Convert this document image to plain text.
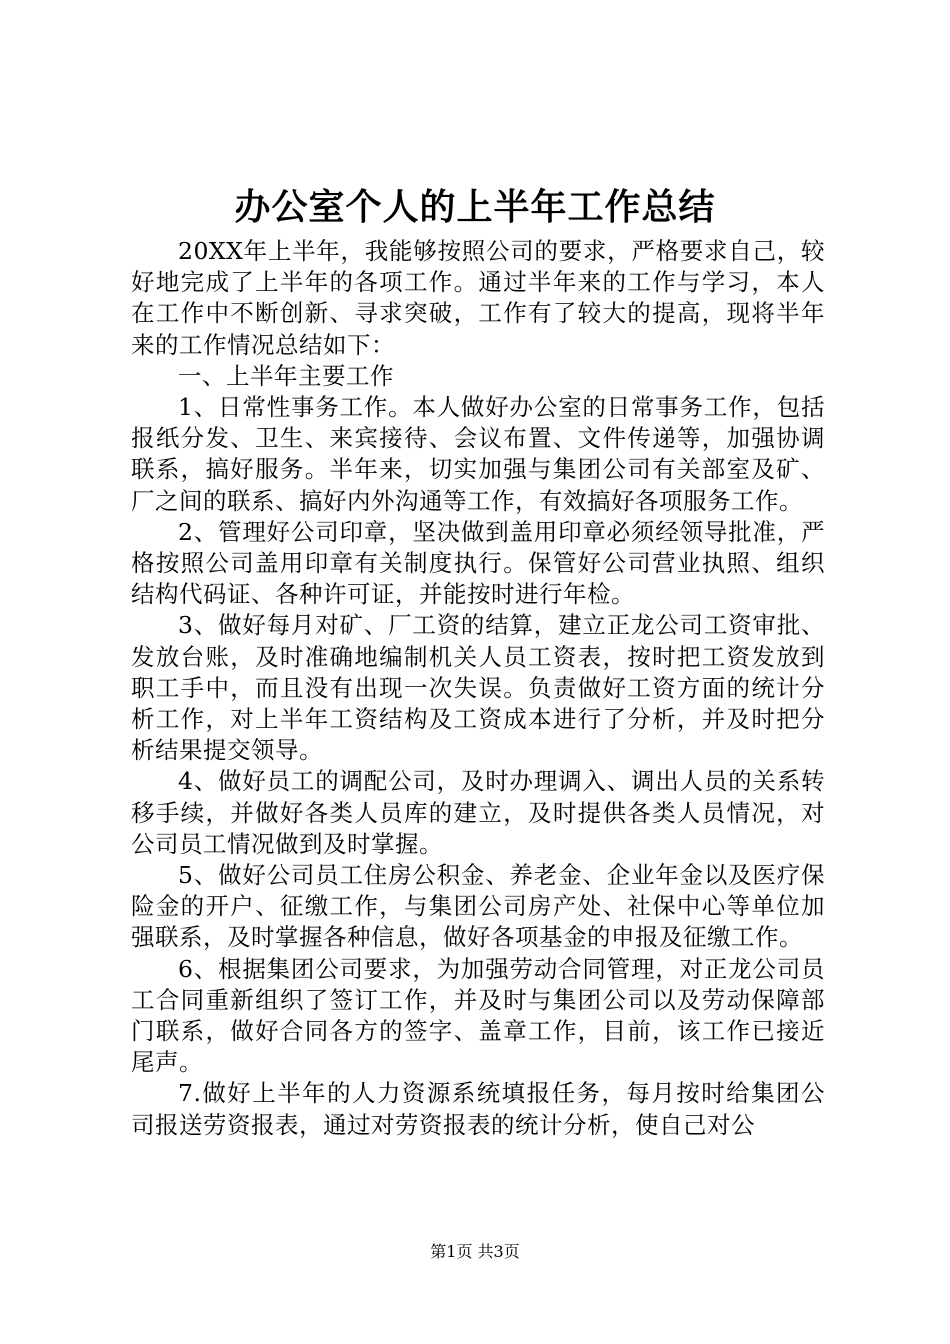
办公室个人的上半年工作总结

20XX年上半年，我能够按照公司的要求，严格要求自己，较好地完成了上半年的各项工作。通过半年来的工作与学习，本人在工作中不断创新、寻求突破，工作有了较大的提高，现将半年来的工作情况总结如下：

一、上半年主要工作

1、日常性事务工作。本人做好办公室的日常事务工作，包括报纸分发、卫生、来宾接待、会议布置、文件传递等，加强协调联系，搞好服务。半年来，切实加强与集团公司有关部室及矿、厂之间的联系、搞好内外沟通等工作，有效搞好各项服务工作。

2、管理好公司印章，坚决做到盖用印章必须经领导批准，严格按照公司盖用印章有关制度执行。保管好公司营业执照、组织结构代码证、各种许可证，并能按时进行年检。

3、做好每月对矿、厂工资的结算，建立正龙公司工资审批、发放台账，及时准确地编制机关人员工资表，按时把工资发放到职工手中，而且没有出现一次失误。负责做好工资方面的统计分析工作，对上半年工资结构及工资成本进行了分析，并及时把分析结果提交领导。

4、做好员工的调配公司，及时办理调入、调出人员的关系转移手续，并做好各类人员库的建立，及时提供各类人员情况，对公司员工情况做到及时掌握。

5、做好公司员工住房公积金、养老金、企业年金以及医疗保险金的开户、征缴工作，与集团公司房产处、社保中心等单位加强联系，及时掌握各种信息，做好各项基金的申报及征缴工作。

6、根据集团公司要求，为加强劳动合同管理，对正龙公司员工合同重新组织了签订工作，并及时与集团公司以及劳动保障部门联系，做好合同各方的签字、盖章工作，目前，该工作已接近尾声。

7.做好上半年的人力资源系统填报任务，每月按时给集团公司报送劳资报表，通过对劳资报表的统计分析，使自己对公

第1页 共3页
